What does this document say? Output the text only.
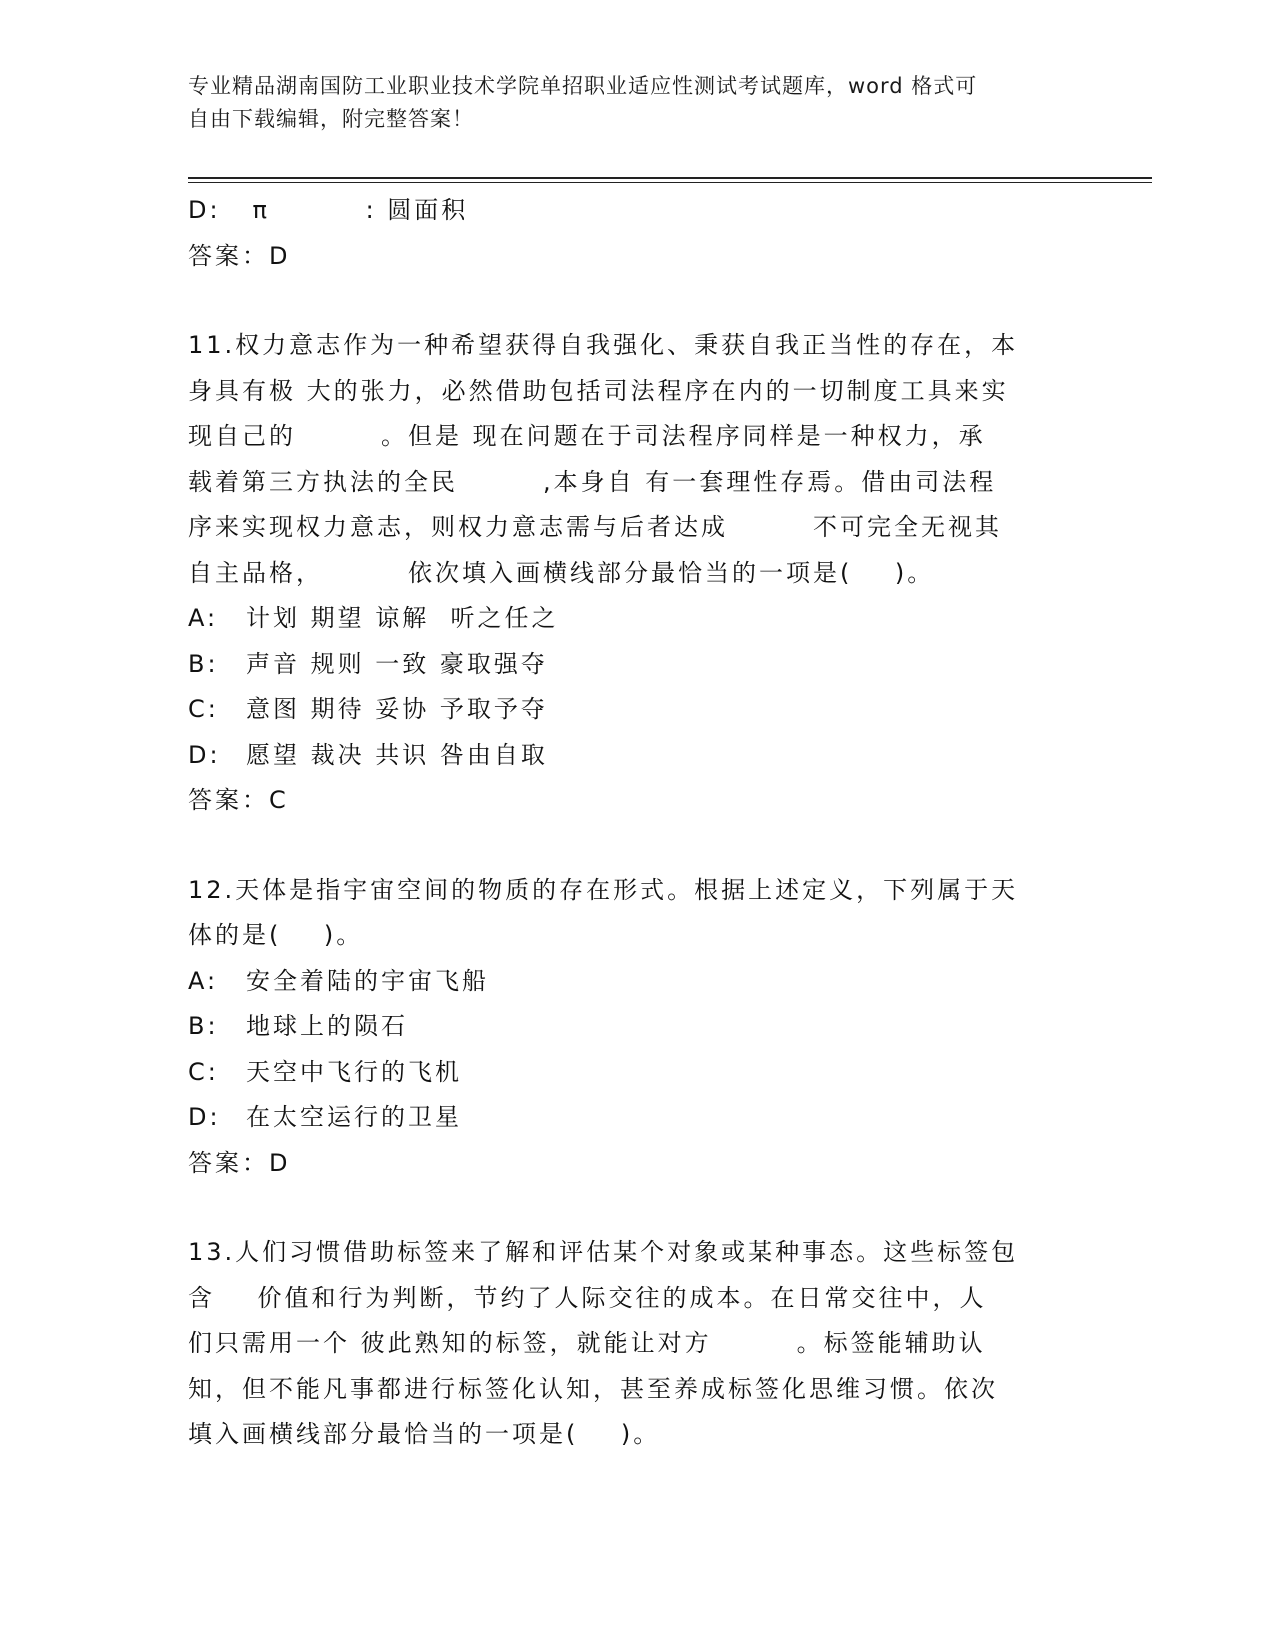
专业精品湖南国防工业职业技术学院单招职业适应性测试考试题库，word 格式可
自由下载编辑，附完整答案！
D:   π         : 圆面积
答案：D
11.权力意志作为一种希望获得自我强化、秉获自我正当性的存在，本
身具有极 大的张力，必然借助包括司法程序在内的一切制度工具来实
现自己的        。但是 现在问题在于司法程序同样是一种权力，承
载着第三方执法的全民        ,本身自 有一套理性存焉。借由司法程
序来实现权力意志，则权力意志需与后者达成        不可完全无视其
自主品格，        依次填入画横线部分最恰当的一项是(    )。
A: 计划 期望 谅解  听之任之
B: 声音 规则 一致 豪取强夺
C: 意图 期待 妥协 予取予夺
D: 愿望 裁决 共识 咎由自取
答案：C
12.天体是指宇宙空间的物质的存在形式。根据上述定义，下列属于天
体的是(    )。
A: 安全着陆的宇宙飞船
B: 地球上的陨石
C: 天空中飞行的飞机
D: 在太空运行的卫星
答案：D
13.人们习惯借助标签来了解和评估某个对象或某种事态。这些标签包
含    价值和行为判断，节约了人际交往的成本。在日常交往中，人
们只需用一个 彼此熟知的标签，就能让对方        。标签能辅助认
知，但不能凡事都进行标签化认知，甚至养成标签化思维习惯。依次
填入画横线部分最恰当的一项是(    )。
